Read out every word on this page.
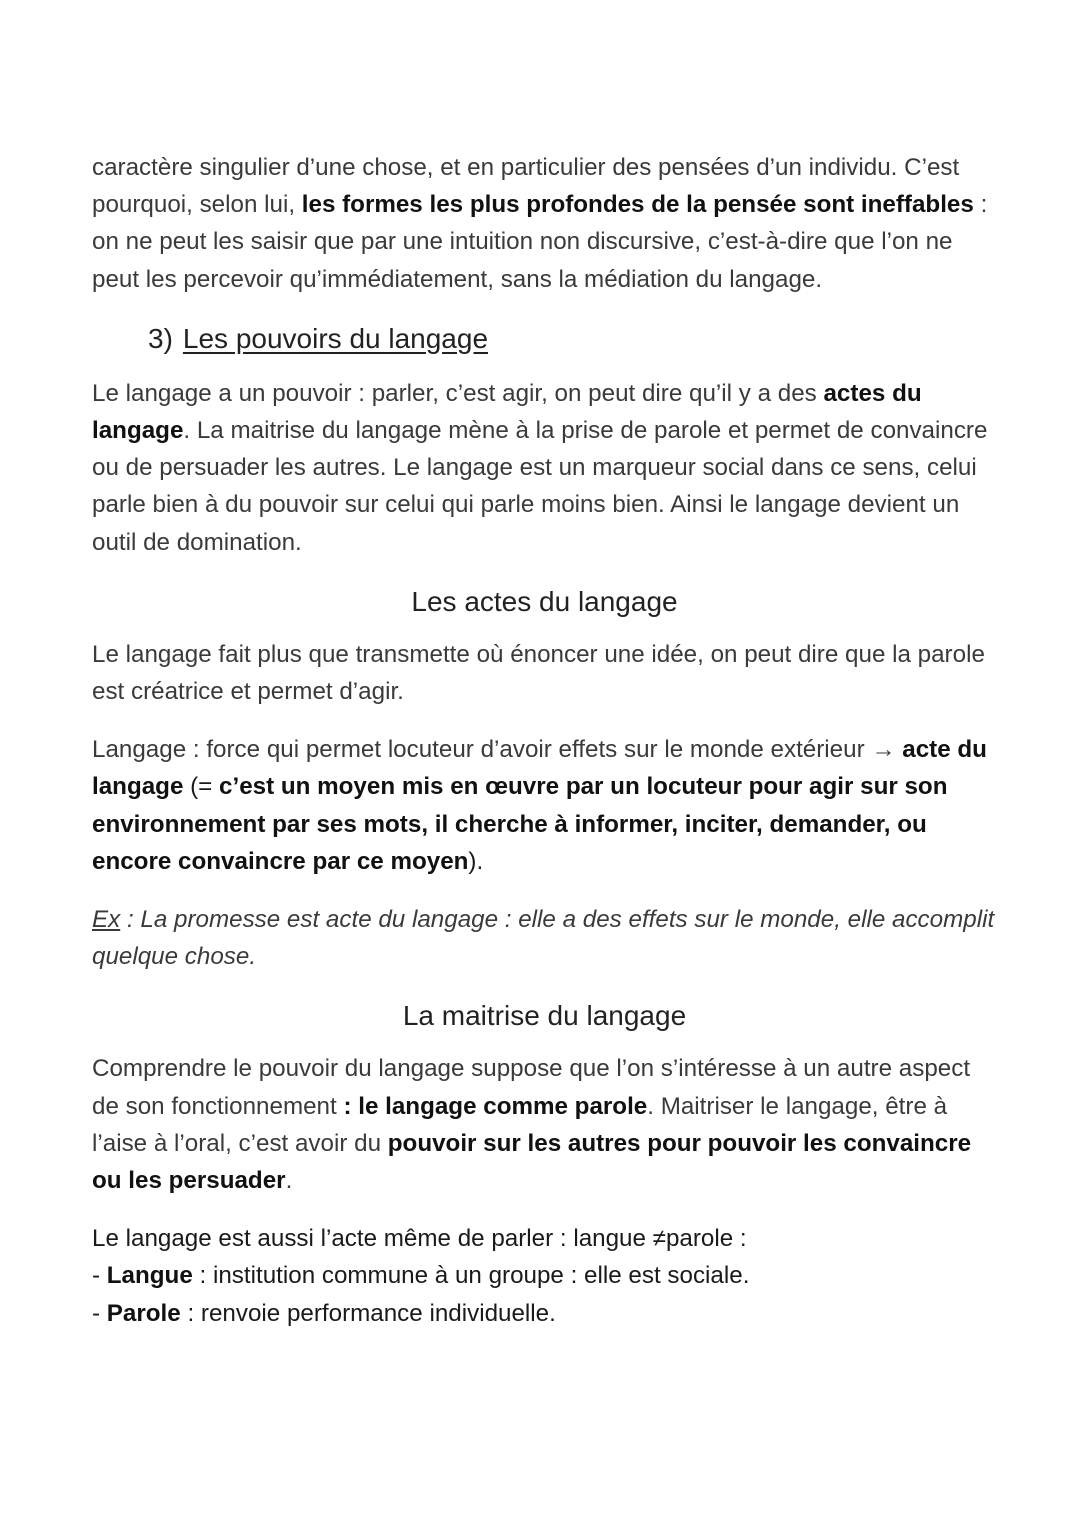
caractère singulier d’une chose, et en particulier des pensées d’un individu. C’est pourquoi, selon lui, les formes les plus profondes de la pensée sont ineffables : on ne peut les saisir que par une intuition non discursive, c’est-à-dire que l’on ne peut les percevoir qu’immédiatement, sans la médiation du langage.

3) Les pouvoirs du langage

Le langage a un pouvoir : parler, c’est agir, on peut dire qu’il y a des actes du langage. La maitrise du langage mène à la prise de parole et permet de convaincre ou de persuader les autres. Le langage est un marqueur social dans ce sens, celui parle bien à du pouvoir sur celui qui parle moins bien. Ainsi le langage devient un outil de domination.

Les actes du langage

Le langage fait plus que transmette où énoncer une idée, on peut dire que la parole est créatrice et permet d’agir.

Langage : force qui permet locuteur d’avoir effets sur le monde extérieur → acte du langage (= c’est un moyen mis en œuvre par un locuteur pour agir sur son environnement par ses mots, il cherche à informer, inciter, demander, ou encore convaincre par ce moyen).

Ex : La promesse est acte du langage : elle a des effets sur le monde, elle accomplit quelque chose.

La maitrise du langage

Comprendre le pouvoir du langage suppose que l’on s’intéresse à un autre aspect de son fonctionnement : le langage comme parole. Maitriser le langage, être à l’aise à l’oral, c’est avoir du pouvoir sur les autres pour pouvoir les convaincre ou les persuader.

Le langage est aussi l’acte même de parler : langue ≠parole :

- Langue : institution commune à un groupe : elle est sociale.

- Parole : renvoie performance individuelle.
